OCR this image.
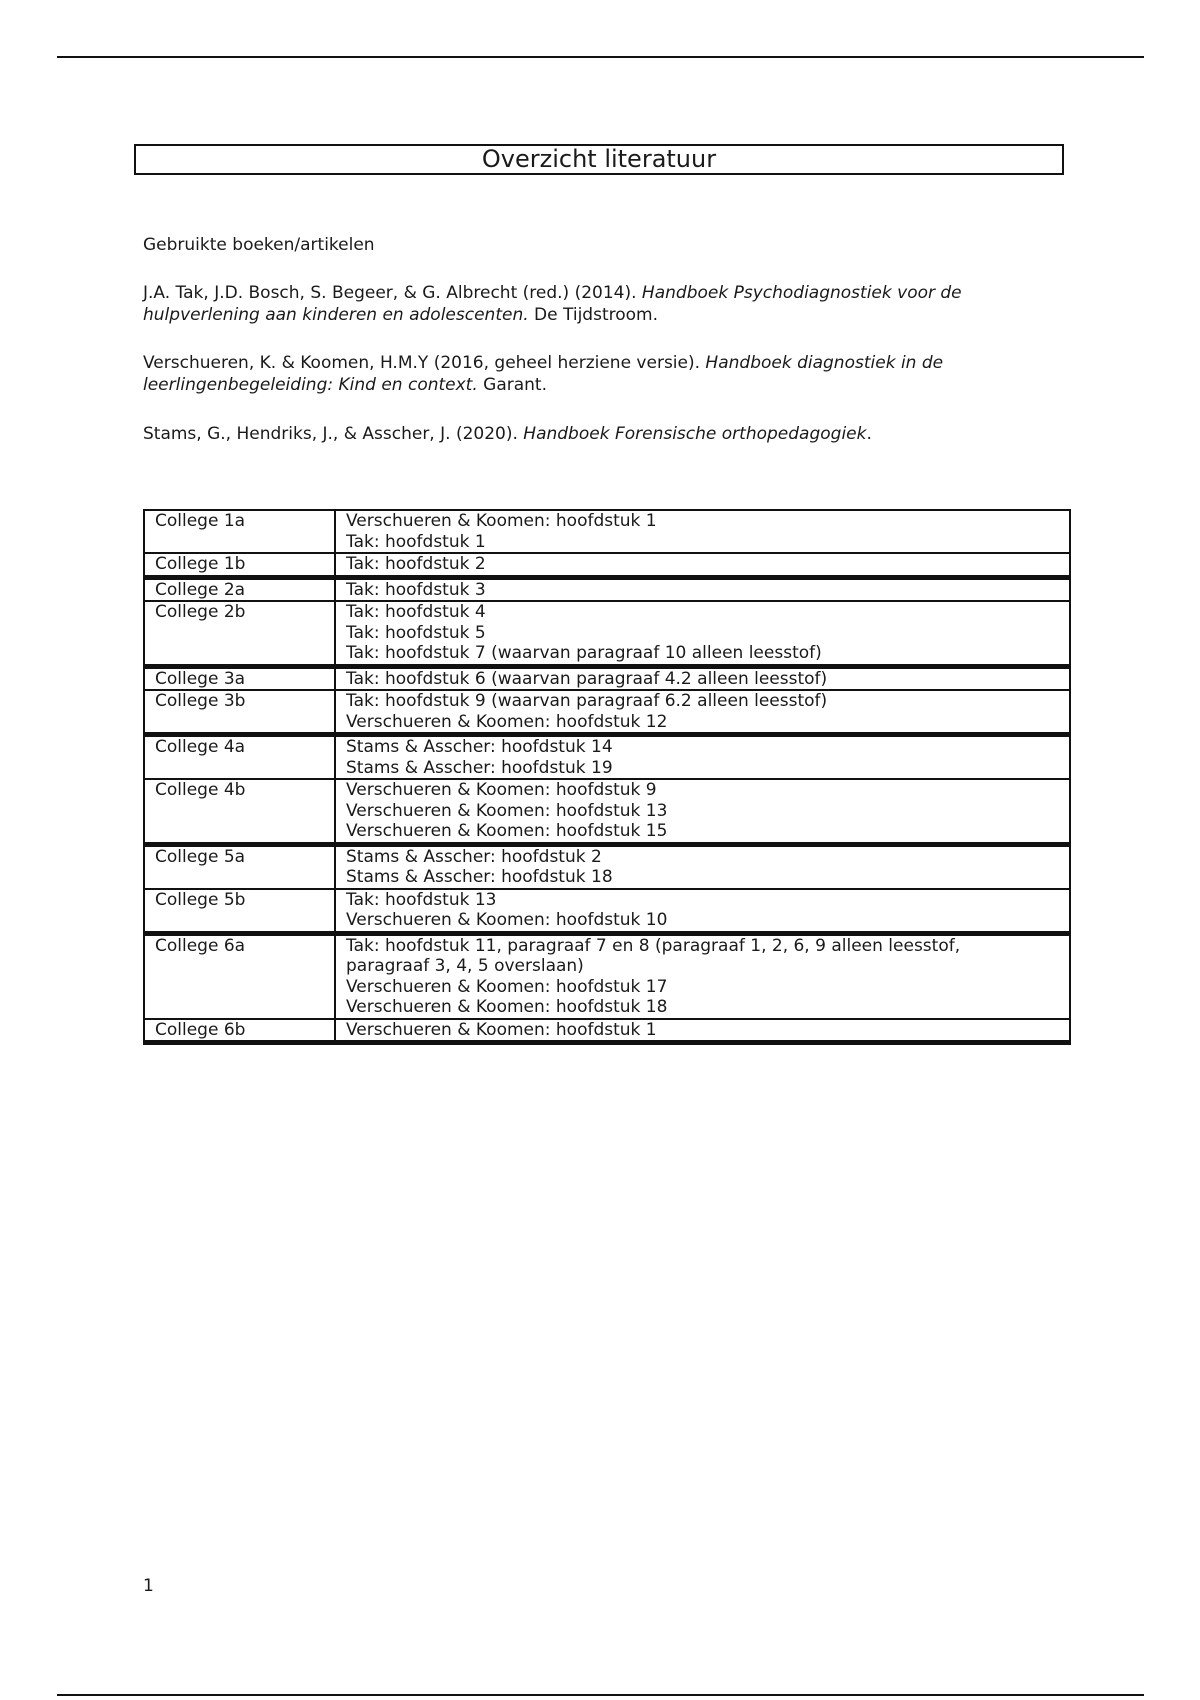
Overzicht literatuur
Gebruikte boeken/artikelen
J.A. Tak, J.D. Bosch, S. Begeer, & G. Albrecht (red.) (2014). Handboek Psychodiagnostiek voor de hulpverlening aan kinderen en adolescenten. De Tijdstroom.
Verschueren, K. & Koomen, H.M.Y (2016, geheel herziene versie). Handboek diagnostiek in de leerlingenbegeleiding: Kind en context. Garant.
Stams, G., Hendriks, J., & Asscher, J. (2020). Handboek Forensische orthopedagogiek.
College 1a	Verschueren & Koomen: hoofdstuk 1
Tak: hoofdstuk 1

College 1b	Tak: hoofdstuk 2

College 2a	Tak: hoofdstuk 3

College 2b	Tak: hoofdstuk 4
Tak: hoofdstuk 5
Tak: hoofdstuk 7 (waarvan paragraaf 10 alleen leesstof)

College 3a	Tak: hoofdstuk 6 (waarvan paragraaf 4.2 alleen leesstof)

College 3b	Tak: hoofdstuk 9 (waarvan paragraaf 6.2 alleen leesstof)
Verschueren & Koomen: hoofdstuk 12

College 4a	Stams & Asscher: hoofdstuk 14
Stams & Asscher: hoofdstuk 19

College 4b	Verschueren & Koomen: hoofdstuk 9
Verschueren & Koomen: hoofdstuk 13
Verschueren & Koomen: hoofdstuk 15

College 5a	Stams & Asscher: hoofdstuk 2
Stams & Asscher: hoofdstuk 18

College 5b	Tak: hoofdstuk 13
Verschueren & Koomen: hoofdstuk 10

College 6a	Tak: hoofdstuk 11, paragraaf 7 en 8 (paragraaf 1, 2, 6, 9 alleen leesstof,
paragraaf 3, 4, 5 overslaan)
Verschueren & Koomen: hoofdstuk 17
Verschueren & Koomen: hoofdstuk 18

College 6b	Verschueren & Koomen: hoofdstuk 1
1
